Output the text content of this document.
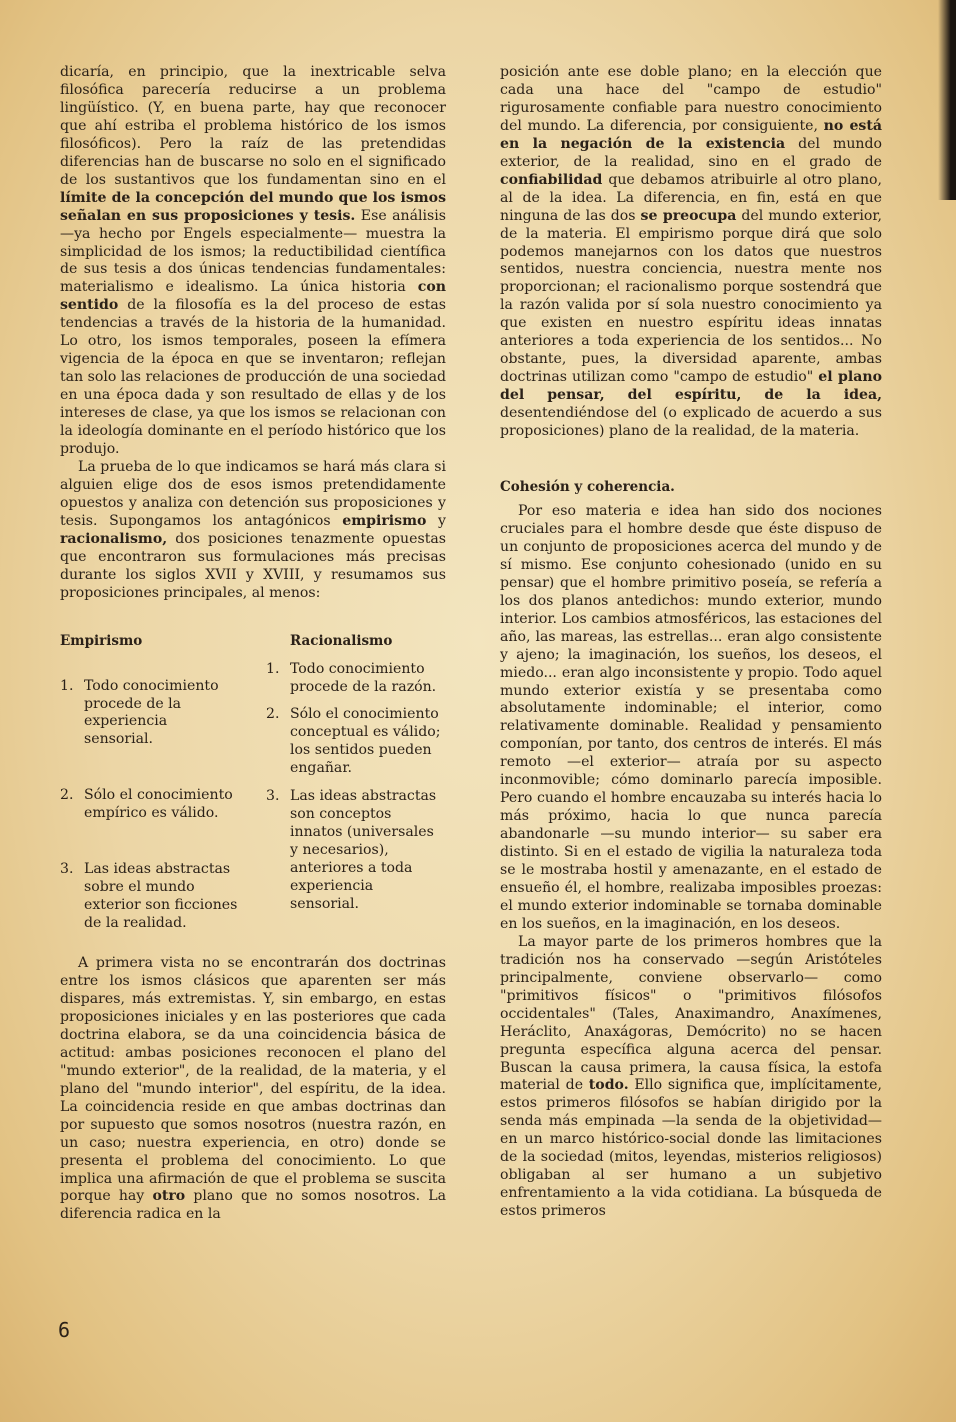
dicaría, en principio, que la inextricable selva filosófica parecería reducirse a un problema lingüístico. (Y, en buena parte, hay que reconocer que ahí estriba el problema histórico de los ismos filosóficos). Pero la raíz de las pretendidas diferencias han de buscarse no solo en el significado de los sustantivos que los fundamentan sino en el límite de la concepción del mundo que los ismos señalan en sus proposiciones y tesis. Ese análisis —ya hecho por Engels especialmente— muestra la simplicidad de los ismos; la reductibilidad científica de sus tesis a dos únicas tendencias fundamentales: materialismo e idealismo. La única historia con sentido de la filosofía es la del proceso de estas tendencias a través de la historia de la humanidad. Lo otro, los ismos temporales, poseen la efímera vigencia de la época en que se inventaron; reflejan tan solo las relaciones de producción de una sociedad en una época dada y son resultado de ellas y de los intereses de clase, ya que los ismos se relacionan con la ideología dominante en el período histórico que los produjo.

La prueba de lo que indicamos se hará más clara si alguien elige dos de esos ismos pretendidamente opuestos y analiza con detención sus proposiciones y tesis. Supongamos los antagónicos empirismo y racionalismo, dos posiciones tenazmente opuestas que encontraron sus formulaciones más precisas durante los siglos XVII y XVIII, y resumamos sus proposiciones principales, al menos:

Empirismo

1. Todo conocimiento procede de la experiencia sensorial.
2. Sólo el conocimiento empírico es válido.
3. Las ideas abstractas sobre el mundo exterior son ficciones de la realidad.

Racionalismo

1. Todo conocimiento procede de la razón.
2. Sólo el conocimiento conceptual es válido; los sentidos pueden engañar.
3. Las ideas abstractas son conceptos innatos (universales y necesarios), anteriores a toda experiencia sensorial.

A primera vista no se encontrarán dos doctrinas entre los ismos clásicos que aparenten ser más dispares, más extremistas. Y, sin embargo, en estas proposiciones iniciales y en las posteriores que cada doctrina elabora, se da una coincidencia básica de actitud: ambas posiciones reconocen el plano del "mundo exterior", de la realidad, de la materia, y el plano del "mundo interior", del espíritu, de la idea. La coincidencia reside en que ambas doctrinas dan por supuesto que somos nosotros (nuestra razón, en un caso; nuestra experiencia, en otro) donde se presenta el problema del conocimiento. Lo que implica una afirmación de que el problema se suscita porque hay otro plano que no somos nosotros. La diferencia radica en la

posición ante ese doble plano; en la elección que cada una hace del "campo de estudio" rigurosamente confiable para nuestro conocimiento del mundo. La diferencia, por consiguiente, no está en la negación de la existencia del mundo exterior, de la realidad, sino en el grado de confiabilidad que debamos atribuirle al otro plano, al de la idea. La diferencia, en fin, está en que ninguna de las dos se preocupa del mundo exterior, de la materia. El empirismo porque dirá que solo podemos manejarnos con los datos que nuestros sentidos, nuestra conciencia, nuestra mente nos proporcionan; el racionalismo porque sostendrá que la razón valida por sí sola nuestro conocimiento ya que existen en nuestro espíritu ideas innatas anteriores a toda experiencia de los sentidos... No obstante, pues, la diversidad aparente, ambas doctrinas utilizan como "campo de estudio" el plano del pensar, del espíritu, de la idea, desentendiéndose del (o explicado de acuerdo a sus proposiciones) plano de la realidad, de la materia.

Cohesión y coherencia.

Por eso materia e idea han sido dos nociones cruciales para el hombre desde que éste dispuso de un conjunto de proposiciones acerca del mundo y de sí mismo. Ese conjunto cohesionado (unido en su pensar) que el hombre primitivo poseía, se refería a los dos planos antedichos: mundo exterior, mundo interior. Los cambios atmosféricos, las estaciones del año, las mareas, las estrellas... eran algo consistente y ajeno; la imaginación, los sueños, los deseos, el miedo... eran algo inconsistente y propio. Todo aquel mundo exterior existía y se presentaba como absolutamente indominable; el interior, como relativamente dominable. Realidad y pensamiento componían, por tanto, dos centros de interés. El más remoto —el exterior— atraía por su aspecto inconmovible; cómo dominarlo parecía imposible. Pero cuando el hombre encauzaba su interés hacia lo más próximo, hacia lo que nunca parecía abandonarle —su mundo interior— su saber era distinto. Si en el estado de vigilia la naturaleza toda se le mostraba hostil y amenazante, en el estado de ensueño él, el hombre, realizaba imposibles proezas: el mundo exterior indominable se tornaba dominable en los sueños, en la imaginación, en los deseos.

La mayor parte de los primeros hombres que la tradición nos ha conservado —según Aristóteles principalmente, conviene observarlo— como "primitivos físicos" o "primitivos filósofos occidentales" (Tales, Anaximandro, Anaxímenes, Heráclito, Anaxágoras, Demócrito) no se hacen pregunta específica alguna acerca del pensar. Buscan la causa primera, la causa física, la estofa material de todo. Ello significa que, implícitamente, estos primeros filósofos se habían dirigido por la senda más empinada —la senda de la objetividad— en un marco histórico-social donde las limitaciones de la sociedad (mitos, leyendas, misterios religiosos) obligaban al ser humano a un subjetivo enfrentamiento a la vida cotidiana. La búsqueda de estos primeros

6
